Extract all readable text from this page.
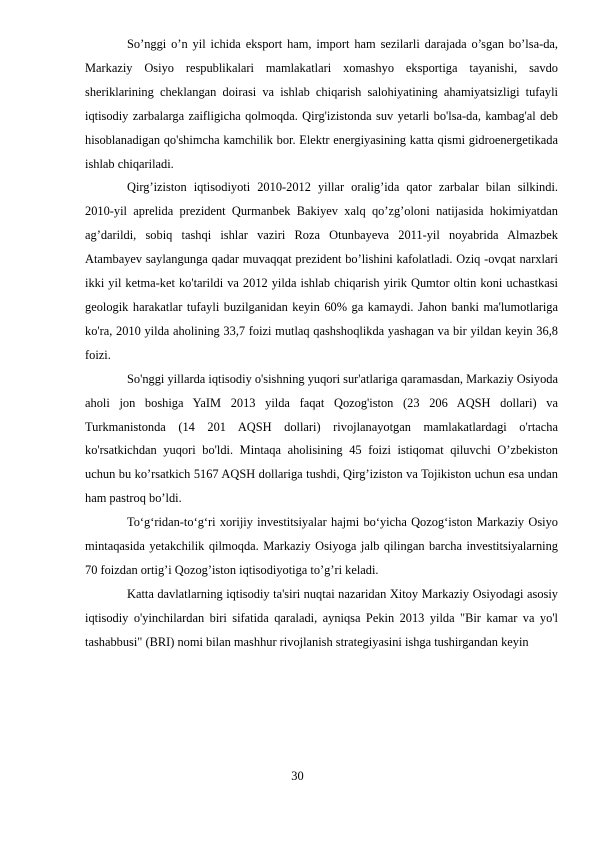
So’nggi o’n yil ichida eksport ham, import ham sezilarli darajada o’sgan bo’lsa-da, Markaziy Osiyo respublikalari mamlakatlari xomashyo eksportiga tayanishi, savdo sheriklarining cheklangan doirasi va ishlab chiqarish salohiyatining ahamiyatsizligi tufayli iqtisodiy zarbalarga zaifligicha qolmoqda. Qirg'izistonda suv yetarli bo'lsa-da, kambag'al deb hisoblanadigan qo'shimcha kamchilik bor. Elektr energiyasining katta qismi gidroenergetikada ishlab chiqariladi.

Qirg’iziston iqtisodiyoti 2010-2012 yillar oralig’ida qator zarbalar bilan silkindi. 2010-yil aprelida prezident Qurmanbek Bakiyev xalq qo’zg’oloni natijasida hokimiyatdan ag’darildi, sobiq tashqi ishlar vaziri Roza Otunbayeva 2011-yil noyabrida Almazbek Atambayev saylangunga qadar muvaqqat prezident bo’lishini kafolatladi. Oziq -ovqat narxlari ikki yil ketma-ket ko'tarildi va 2012 yilda ishlab chiqarish yirik Qumtor oltin koni uchastkasi geologik harakatlar tufayli buzilganidan keyin 60% ga kamaydi. Jahon banki ma'lumotlariga ko'ra, 2010 yilda aholining 33,7 foizi mutlaq qashshoqlikda yashagan va bir yildan keyin 36,8 foizi.

So'nggi yillarda iqtisodiy o'sishning yuqori sur'atlariga qaramasdan, Markaziy Osiyoda aholi jon boshiga YaIM 2013 yilda faqat Qozog'iston (23 206 AQSH dollari) va Turkmanistonda (14 201 AQSH dollari) rivojlanayotgan mamlakatlardagi o'rtacha ko'rsatkichdan yuqori bo'ldi. Mintaqa aholisining 45 foizi istiqomat qiluvchi O’zbekiston uchun bu ko’rsatkich 5167 AQSH dollariga tushdi, Qirg’iziston va Tojikiston uchun esa undan ham pastroq bo’ldi.

To‘g‘ridan-to‘g‘ri xorijiy investitsiyalar hajmi bo‘yicha Qozog‘iston Markaziy Osiyo mintaqasida yetakchilik qilmoqda. Markaziy Osiyoga jalb qilingan barcha investitsiyalarning 70 foizdan ortig’i Qozog’iston iqtisodiyotiga to’g’ri keladi.

Katta davlatlarning iqtisodiy ta'siri nuqtai nazaridan Xitoy Markaziy Osiyodagi asosiy iqtisodiy o'yinchilardan biri sifatida qaraladi, ayniqsa Pekin 2013 yilda "Bir kamar va yo'l tashabbusi" (BRI) nomi bilan mashhur rivojlanish strategiyasini ishga tushirgandan keyin

30
